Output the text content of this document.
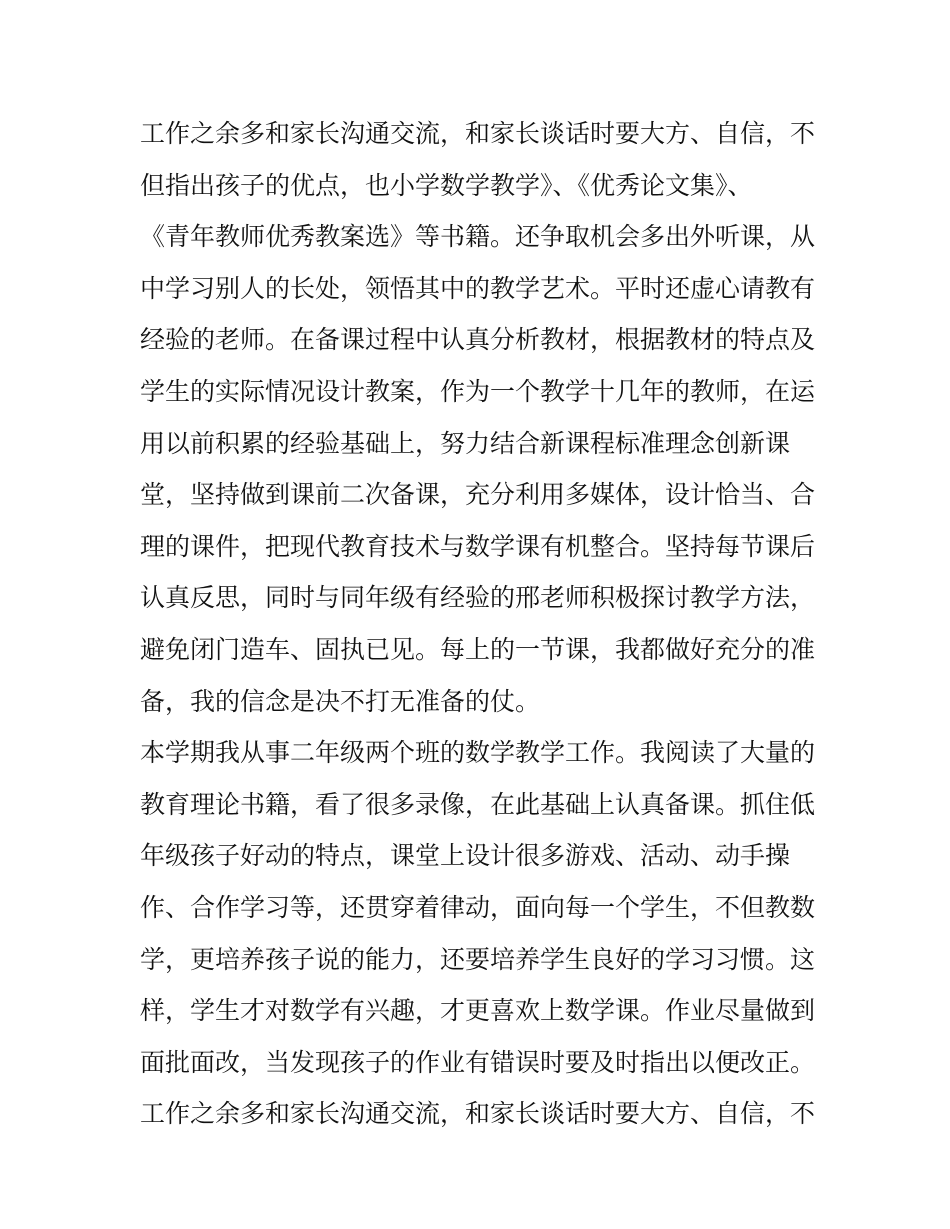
工作之余多和家长沟通交流，和家长谈话时要大方、自信，不
但指出孩子的优点，也小学数学教学》、《优秀论文集》、
《青年教师优秀教案选》等书籍。还争取机会多出外听课，从
中学习别人的长处，领悟其中的教学艺术。平时还虚心请教有
经验的老师。在备课过程中认真分析教材，根据教材的特点及
学生的实际情况设计教案，作为一个教学十几年的教师，在运
用以前积累的经验基础上，努力结合新课程标准理念创新课
堂，坚持做到课前二次备课，充分利用多媒体，设计恰当、合
理的课件，把现代教育技术与数学课有机整合。坚持每节课后
认真反思，同时与同年级有经验的邢老师积极探讨教学方法，
避免闭门造车、固执已见。每上的一节课，我都做好充分的准
备，我的信念是决不打无准备的仗。
本学期我从事二年级两个班的数学教学工作。我阅读了大量的
教育理论书籍，看了很多录像，在此基础上认真备课。抓住低
年级孩子好动的特点，课堂上设计很多游戏、活动、动手操
作、合作学习等，还贯穿着律动，面向每一个学生，不但教数
学，更培养孩子说的能力，还要培养学生良好的学习习惯。这
样，学生才对数学有兴趣，才更喜欢上数学课。作业尽量做到
面批面改，当发现孩子的作业有错误时要及时指出以便改正。
工作之余多和家长沟通交流，和家长谈话时要大方、自信，不
